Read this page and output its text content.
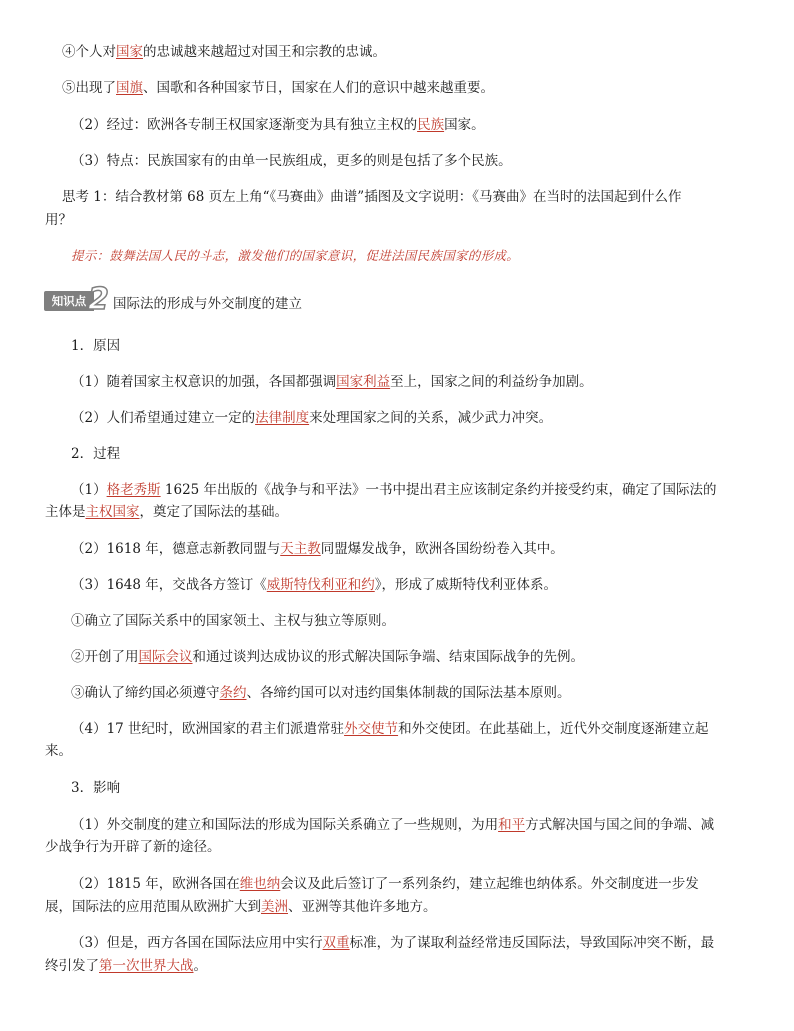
④个人对国家的忠诚越来越超过对国王和宗教的忠诚。
⑤出现了国旗、国歌和各种国家节日，国家在人们的意识中越来越重要。
（2）经过：欧洲各专制王权国家逐渐变为具有独立主权的民族国家。
（3）特点：民族国家有的由单一民族组成，更多的则是包括了多个民族。
思考 1：结合教材第 68 页左上角“《马赛曲》曲谱”插图及文字说明：《马赛曲》在当时的法国起到什么作
用？
提示：鼓舞法国人民的斗志，激发他们的国家意识，促进法国民族国家的形成。
知识点 2 国际法的形成与外交制度的建立
1．原因
（1）随着国家主权意识的加强，各国都强调国家利益至上，国家之间的利益纷争加剧。
（2）人们希望通过建立一定的法律制度来处理国家之间的关系，减少武力冲突。
2．过程
（1）格老秀斯 1625 年出版的《战争与和平法》一书中提出君主应该制定条约并接受约束，确定了国际法的
主体是主权国家，奠定了国际法的基础。
（2）1618 年，德意志新教同盟与天主教同盟爆发战争，欧洲各国纷纷卷入其中。
（3）1648 年，交战各方签订《威斯特伐利亚和约》，形成了威斯特伐利亚体系。
①确立了国际关系中的国家领土、主权与独立等原则。
②开创了用国际会议和通过谈判达成协议的形式解决国际争端、结束国际战争的先例。
③确认了缔约国必须遵守条约、各缔约国可以对违约国集体制裁的国际法基本原则。
（4）17 世纪时，欧洲国家的君主们派遣常驻外交使节和外交使团。在此基础上，近代外交制度逐渐建立起
来。
3．影响
（1）外交制度的建立和国际法的形成为国际关系确立了一些规则，为用和平方式解决国与国之间的争端、减
少战争行为开辟了新的途径。
（2）1815 年，欧洲各国在维也纳会议及此后签订了一系列条约，建立起维也纳体系。外交制度进一步发
展，国际法的应用范围从欧洲扩大到美洲、亚洲等其他许多地方。
（3）但是，西方各国在国际法应用中实行双重标准，为了谋取利益经常违反国际法，导致国际冲突不断，最
终引发了第一次世界大战。
